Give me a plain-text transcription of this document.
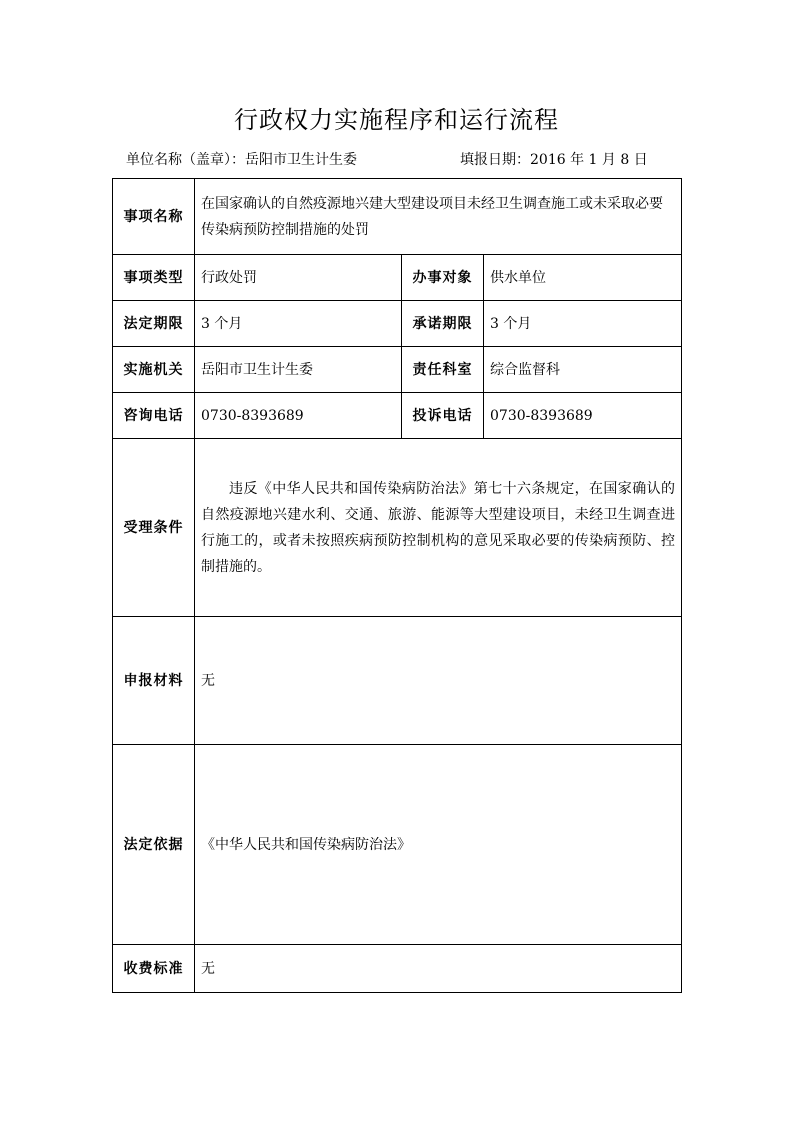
行政权力实施程序和运行流程
单位名称（盖章）：岳阳市卫生计生委	填报日期：2016 年 1 月 8 日
事项名称	在国家确认的自然疫源地兴建大型建设项目未经卫生调查施工或未采取必要传染病预防控制措施的处罚		
事项类型	行政处罚	办事对象	供水单位
法定期限	3 个月	承诺期限	3 个月
实施机关	岳阳市卫生计生委	责任科室	综合监督科
咨询电话	0730-8393689	投诉电话	0730-8393689
受理条件	违反《中华人民共和国传染病防治法》第七十六条规定，在国家确认的自然疫源地兴建水利、交通、旅游、能源等大型建设项目，未经卫生调查进行施工的，或者未按照疾病预防控制机构的意见采取必要的传染病预防、控制措施的。		
申报材料	无		
法定依据	《中华人民共和国传染病防治法》		
收费标准	无		
